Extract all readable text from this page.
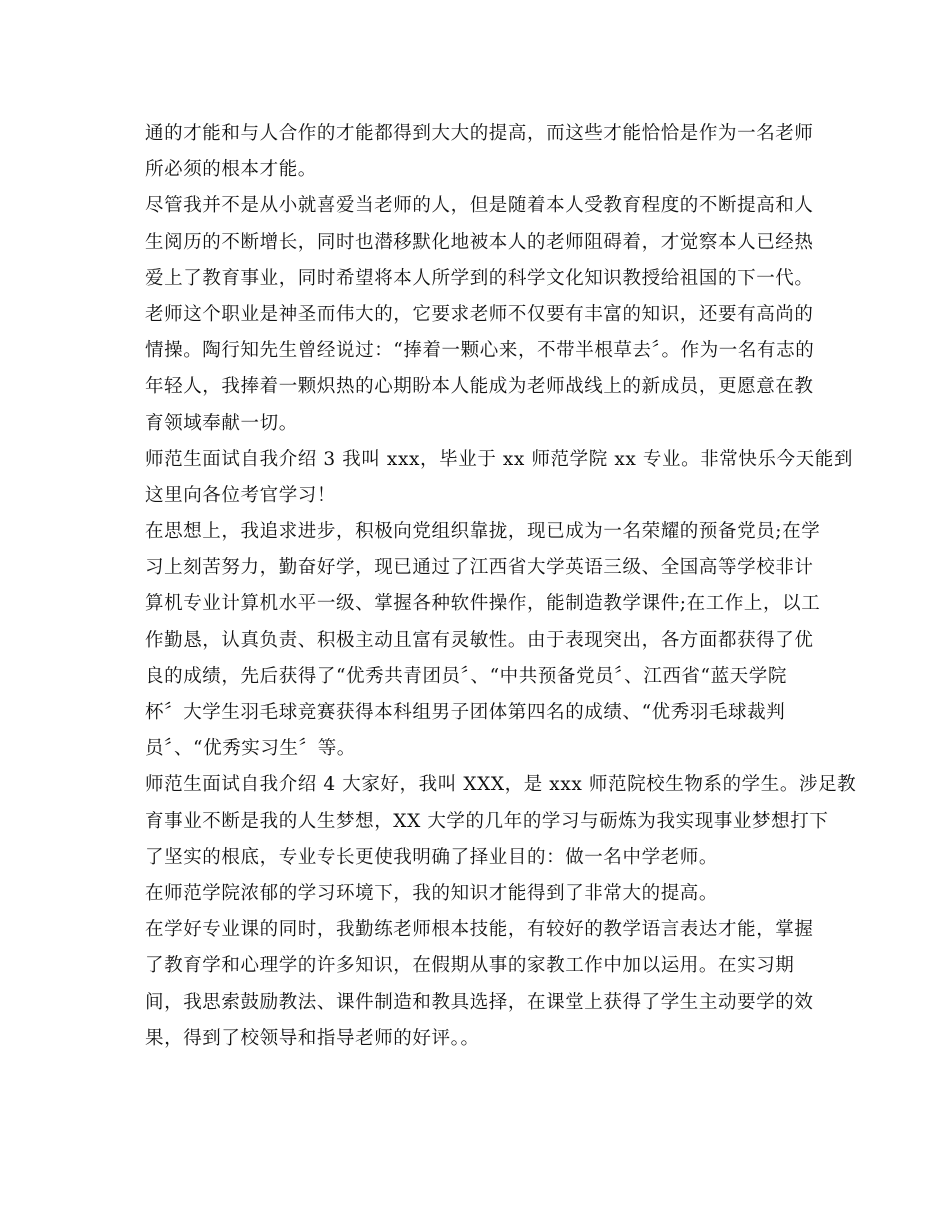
通的才能和与人合作的才能都得到大大的提高，而这些才能恰恰是作为一名老师
所必须的根本才能。
尽管我并不是从小就喜爱当老师的人，但是随着本人受教育程度的不断提高和人
生阅历的不断增长，同时也潜移默化地被本人的老师阻碍着，才觉察本人已经热
爱上了教育事业，同时希望将本人所学到的科学文化知识教授给祖国的下一代。
老师这个职业是神圣而伟大的，它要求老师不仅要有丰富的知识，还要有高尚的
情操。陶行知先生曾经说过：“捧着一颗心来，不带半根草去〞。作为一名有志的
年轻人，我捧着一颗炽热的心期盼本人能成为老师战线上的新成员，更愿意在教
育领域奉献一切。
师范生面试自我介绍 3 我叫 xxx，毕业于 xx 师范学院 xx 专业。非常快乐今天能到
这里向各位考官学习！
在思想上，我追求进步，积极向党组织靠拢，现已成为一名荣耀的预备党员;在学
习上刻苦努力，勤奋好学，现已通过了江西省大学英语三级、全国高等学校非计
算机专业计算机水平一级、掌握各种软件操作，能制造教学课件;在工作上，以工
作勤恳，认真负责、积极主动且富有灵敏性。由于表现突出，各方面都获得了优
良的成绩，先后获得了“优秀共青团员〞、“中共预备党员〞、江西省“蓝天学院
杯〞大学生羽毛球竞赛获得本科组男子团体第四名的成绩、“优秀羽毛球裁判
员〞、“优秀实习生〞等。
师范生面试自我介绍 4 大家好，我叫 XXX，是 xxx 师范院校生物系的学生。涉足教
育事业不断是我的人生梦想，XX 大学的几年的学习与砺炼为我实现事业梦想打下
了坚实的根底，专业专长更使我明确了择业目的：做一名中学老师。
在师范学院浓郁的学习环境下，我的知识才能得到了非常大的提高。
在学好专业课的同时，我勤练老师根本技能，有较好的教学语言表达才能，掌握
了教育学和心理学的许多知识，在假期从事的家教工作中加以运用。在实习期
间，我思索鼓励教法、课件制造和教具选择，在课堂上获得了学生主动要学的效
果，得到了校领导和指导老师的好评。。
